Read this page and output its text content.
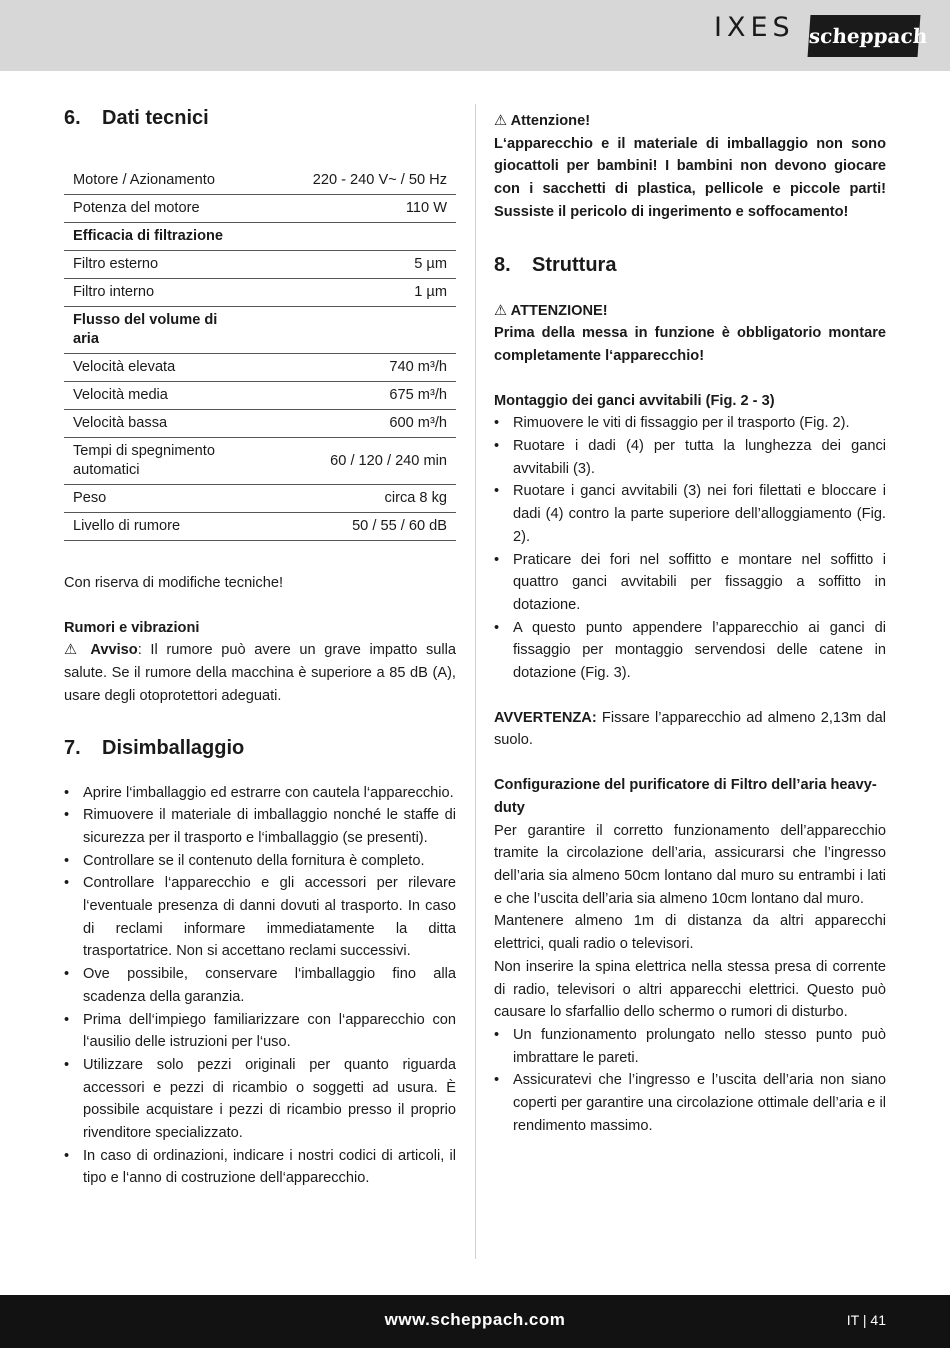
IXES scheppach
6.	Dati tecnici
Motore / Azionamento	220 - 240 V~ / 50 Hz
Potenza del motore	110 W
Efficacia di filtrazione	
Filtro esterno	5 µm
Filtro interno	1 µm
Flusso del volume di aria	
Velocità elevata	740 m³/h
Velocità media	675 m³/h
Velocità bassa	600 m³/h
Tempi di spegnimento automatici	60 / 120 / 240 min
Peso	circa 8 kg
Livello di rumore	50 / 55 / 60 dB

Con riserva di modifiche tecniche!

Rumori e vibrazioni

⚠ Avviso: Il rumore può avere un grave impatto sulla salute. Se il rumore della macchina è superiore a 85 dB (A), usare degli otoprotettori adeguati.

7.	Disimballaggio
• Aprire l‘imballaggio ed estrarre con cautela l‘apparecchio.
• Rimuovere il materiale di imballaggio nonché le staffe di sicurezza per il trasporto e l‘imballaggio (se presenti).
• Controllare se il contenuto della fornitura è completo.
• Controllare l‘apparecchio e gli accessori per rilevare l‘eventuale presenza di danni dovuti al trasporto. In caso di reclami informare immediatamente la ditta trasportatrice. Non si accettano reclami successivi.
• Ove possibile, conservare l‘imballaggio fino alla scadenza della garanzia.
• Prima dell‘impiego familiarizzare con l‘apparecchio con l‘ausilio delle istruzioni per l‘uso.
• Utilizzare solo pezzi originali per quanto riguarda accessori e pezzi di ricambio o soggetti ad usura. È possibile acquistare i pezzi di ricambio presso il proprio rivenditore specializzato.
• In caso di ordinazioni, indicare i nostri codici di articoli, il tipo e l‘anno di costruzione dell‘apparecchio.

⚠ Attenzione!

L‘apparecchio e il materiale di imballaggio non sono giocattoli per bambini! I bambini non devono giocare con i sacchetti di plastica, pellicole e piccole parti! Sussiste il pericolo di ingerimento e soffocamento!

8.	Struttura

⚠ ATTENZIONE!

Prima della messa in funzione è obbligatorio montare completamente l‘apparecchio!

Montaggio dei ganci avvitabili (Fig. 2 - 3)

• Rimuovere le viti di fissaggio per il trasporto (Fig. 2).
• Ruotare i dadi (4) per tutta la lunghezza dei ganci avvitabili (3).
• Ruotare i ganci avvitabili (3) nei fori filettati e bloccare i dadi (4) contro la parte superiore dell’alloggiamento (Fig. 2).
• Praticare dei fori nel soffitto e montare nel soffitto i quattro ganci avvitabili per fissaggio a soffitto in dotazione.
• A questo punto appendere l’apparecchio ai ganci di fissaggio per montaggio servendosi delle catene in dotazione (Fig. 3).

AVVERTENZA: Fissare l’apparecchio ad almeno 2,13m dal suolo.

Configurazione del purificatore di Filtro dell’aria heavy-duty

Per garantire il corretto funzionamento dell’apparecchio tramite la circolazione dell’aria, assicurarsi che l’ingresso dell’aria sia almeno 50cm lontano dal muro su entrambi i lati e che l’uscita dell’aria sia almeno 10cm lontano dal muro.

Mantenere almeno 1m di distanza da altri apparecchi elettrici, quali radio o televisori.

Non inserire la spina elettrica nella stessa presa di corrente di radio, televisori o altri apparecchi elettrici. Questo può causare lo sfarfallio dello schermo o rumori di disturbo.

• Un funzionamento prolungato nello stesso punto può imbrattare le pareti.
• Assicuratevi che l’ingresso e l’uscita dell’aria non siano coperti per garantire una circolazione ottimale dell’aria e il rendimento massimo.
www.scheppach.com	IT | 41
